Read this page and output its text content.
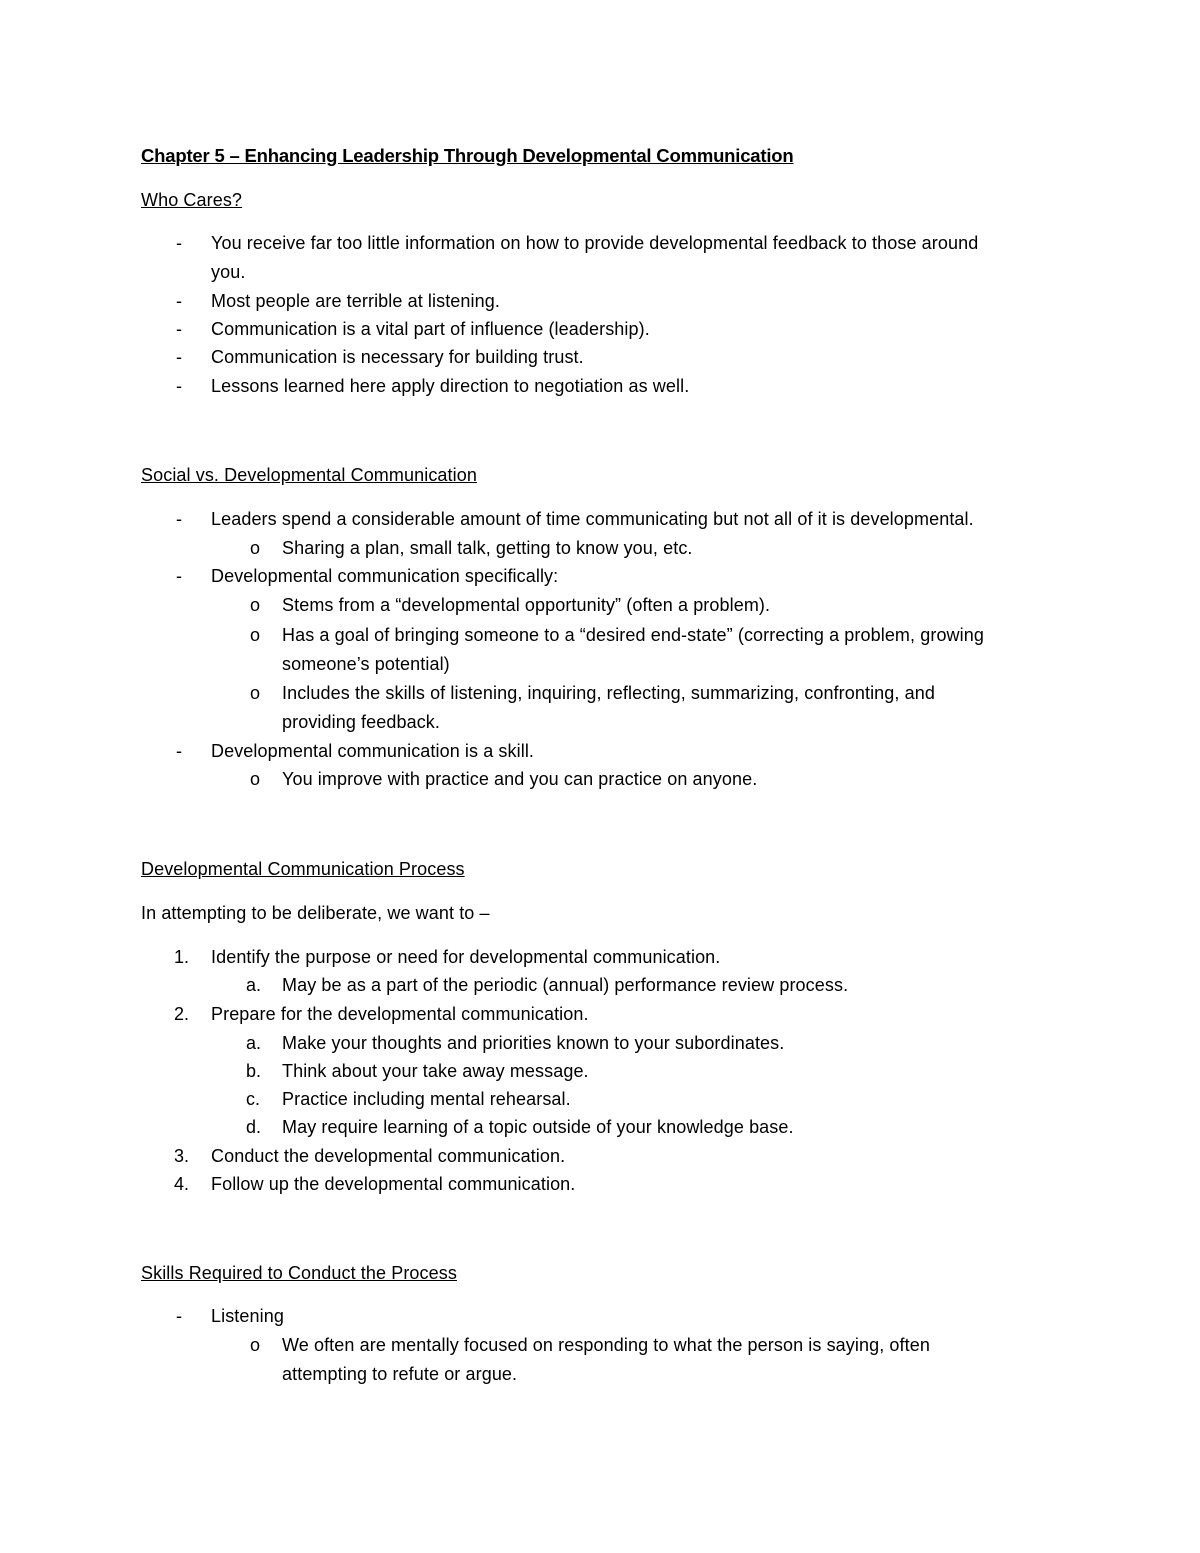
Chapter 5 – Enhancing Leadership Through Developmental Communication
Who Cares?
- You receive far too little information on how to provide developmental feedback to those around
you.
- Most people are terrible at listening.
- Communication is a vital part of influence (leadership).
- Communication is necessary for building trust.
- Lessons learned here apply direction to negotiation as well.
Social vs. Developmental Communication
- Leaders spend a considerable amount of time communicating but not all of it is developmental.
o Sharing a plan, small talk, getting to know you, etc.
- Developmental communication specifically:
o Stems from a “developmental opportunity” (often a problem).
o Has a goal of bringing someone to a “desired end-state” (correcting a problem, growing
someone’s potential)
o Includes the skills of listening, inquiring, reflecting, summarizing, confronting, and
providing feedback.
- Developmental communication is a skill.
o You improve with practice and you can practice on anyone.
Developmental Communication Process
In attempting to be deliberate, we want to –
1. Identify the purpose or need for developmental communication.
a. May be as a part of the periodic (annual) performance review process.
2. Prepare for the developmental communication.
a. Make your thoughts and priorities known to your subordinates.
b. Think about your take away message.
c. Practice including mental rehearsal.
d. May require learning of a topic outside of your knowledge base.
3. Conduct the developmental communication.
4. Follow up the developmental communication.
Skills Required to Conduct the Process
- Listening
o We often are mentally focused on responding to what the person is saying, often
attempting to refute or argue.
